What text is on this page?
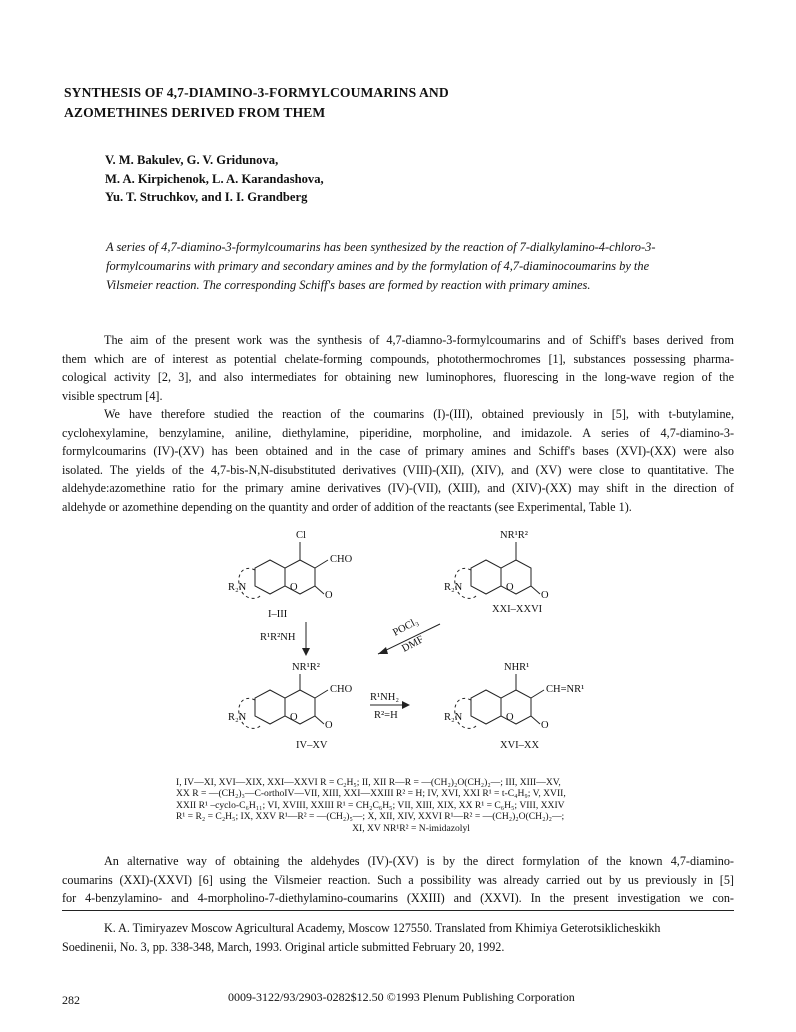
SYNTHESIS OF 4,7-DIAMINO-3-FORMYLCOUMARINS AND
AZOMETHINES DERIVED FROM THEM
V. M. Bakulev, G. V. Gridunova,
M. A. Kirpichenok, L. A. Karandashova,
Yu. T. Struchkov, and I. I. Grandberg
A series of 4,7-diamino-3-formylcoumarins has been synthesized by the reaction of 7-dialkylamino-4-chloro-3-
formylcoumarins with primary and secondary amines and by the formylation of 4,7-diaminocoumarins by the
Vilsmeier reaction. The corresponding Schiff's bases are formed by reaction with primary amines.
The aim of the present work was the synthesis of 4,7-diamno-3-formylcoumarins and of Schiff's bases derived from
them which are of interest as potential chelate-forming compounds, photothermochromes [1], substances possessing pharma-
cological activity [2, 3], and also intermediates for obtaining new luminophores, fluorescing in the long-wave region of the
visible spectrum [4].
We have therefore studied the reaction of the coumarins (I)-(III), obtained previously in [5], with t-butylamine,
cyclohexylamine, benzylamine, aniline, diethylamine, piperidine, morpholine, and imidazole. A series of 4,7-diamino-3-
formylcoumarins (IV)-(XV) has been obtained and in the case of primary amines and Schiff's bases (XVI)-(XX) were also
isolated. The yields of the 4,7-bis-N,N-disubstituted derivatives (VIII)-(XII), (XIV), and (XV) were close to quantitative. The
aldehyde:azomethine ratio for the primary amine derivatives (IV)-(VII), (XIII), and (XIV)-(XX) may shift in the direction of
aldehyde or azomethine depending on the quantity and order of addition of the reactants (see Experimental, Table 1).
Cl
CHO
R₂N	O
O
I–III
NR¹R²
R₂N	O
O
XXI–XXVI
R¹R²NH	POCl₃
DMF
R¹NH₂
R²=H
NR¹R²
CHO
R₂N	O
O
IV–XV
NHR¹
CH=NR¹
R₂N	O
O
XVI–XX
I, IV—XI, XVI—XIX, XXI—XXVI R = C₂H₅; II, XII R—R = —(CH₂)₂O(CH₂)₂—; III, XIII—XV,
XX R = —(CH₂)₃—C-orthoIV—VII, XIII, XXI—XXIII R² = H; IV, XVI, XXI R¹ = t-C₄H₉; V, XVII,
XXII R¹ –cyclo-C₆H₁₁; VI, XVIII, XXIII R¹ = CH₂C₆H₅; VII, XIII, XIX, XX R¹ = C₆H₅; VIII, XXIV
R¹ = R₂ = C₂H₅; IX, XXV R¹—R² = —(CH₂)₅—; X, XII, XIV, XXVI R¹—R² = —(CH₂)₂O(CH₂)₂—;
XI, XV NR¹R² = N-imidazolyl
An alternative way of obtaining the aldehydes (IV)-(XV) is by the direct formylation of the known 4,7-diamino-
coumarins (XXI)-(XXVI) [6] using the Vilsmeier reaction. Such a possibility was already carried out by us previously in [5]
for 4-benzylamino- and 4-morpholino-7-diethylamino-coumarins (XXIII) and (XXVI). In the present investigation we con-
K. A. Timiryazev Moscow Agricultural Academy, Moscow 127550. Translated from Khimiya Geterotsiklicheskikh
Soedinenii, No. 3, pp. 338-348, March, 1993. Original article submitted February 20, 1992.
282	0009-3122/93/2903-0282$12.50 ©1993 Plenum Publishing Corporation
